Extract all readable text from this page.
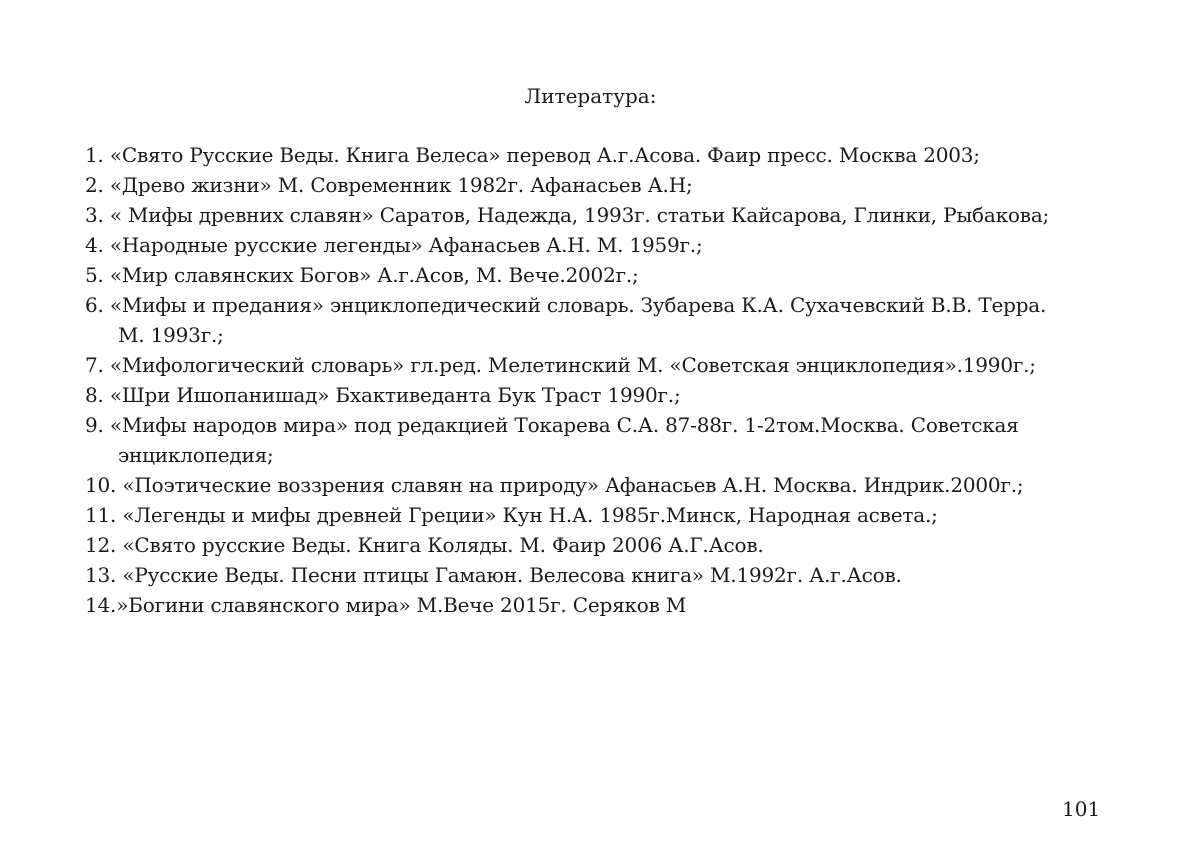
Литература:
1. «Свято Русские Веды. Книга Велеса» перевод А.г.Асова. Фаир пресс. Москва 2003;
2. «Древо жизни» М. Современник 1982г. Афанасьев А.Н;
3. « Мифы древних славян» Саратов, Надежда, 1993г. статьи Кайсарова, Глинки, Рыбакова;
4. «Народные русские легенды» Афанасьев А.Н. М. 1959г.;
5. «Мир славянских Богов» А.г.Асов, М. Вече.2002г.;
6. «Мифы и предания» энциклопедический словарь. Зубарева К.А. Сухачевский В.В. Терра.
М. 1993г.;
7. «Мифологический словарь» гл.ред. Мелетинский М. «Советская энциклопедия».1990г.;
8. «Шри Ишопанишад» Бхактиведанта Бук Траст 1990г.;
9. «Мифы народов мира» под редакцией Токарева С.А. 87-88г. 1-2том.Москва. Советская
энциклопедия;
10. «Поэтические воззрения славян на природу» Афанасьев А.Н. Москва. Индрик.2000г.;
11. «Легенды и мифы древней Греции» Кун Н.А. 1985г.Минск, Народная асвета.;
12. «Свято русские Веды. Книга Коляды. М. Фаир 2006 А.Г.Асов.
13. «Русские Веды. Песни птицы Гамаюн. Велесова книга» М.1992г. А.г.Асов.
14.»Богини славянского мира» М.Вече 2015г. Серяков М
101
